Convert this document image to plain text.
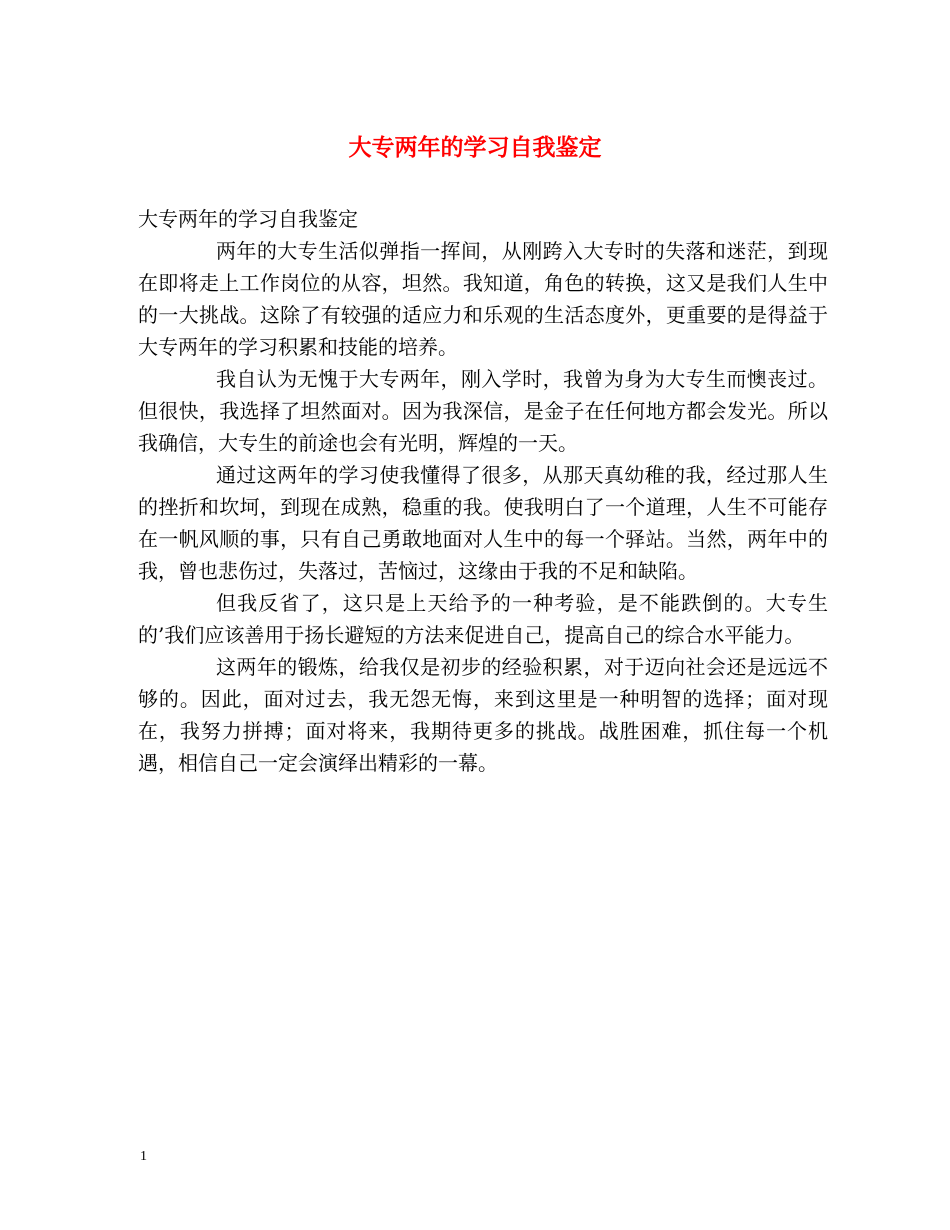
大专两年的学习自我鉴定

大专两年的学习自我鉴定

两年的大专生活似弹指一挥间，从刚跨入大专时的失落和迷茫，到现在即将走上工作岗位的从容，坦然。我知道，角色的转换，这又是我们人生中的一大挑战。这除了有较强的适应力和乐观的生活态度外，更重要的是得益于大专两年的学习积累和技能的培养。

我自认为无愧于大专两年，刚入学时，我曾为身为大专生而懊丧过。但很快，我选择了坦然面对。因为我深信，是金子在任何地方都会发光。所以我确信，大专生的前途也会有光明，辉煌的一天。

通过这两年的学习使我懂得了很多，从那天真幼稚的我，经过那人生的挫折和坎坷，到现在成熟，稳重的我。使我明白了一个道理，人生不可能存在一帆风顺的事，只有自己勇敢地面对人生中的每一个驿站。当然，两年中的我，曾也悲伤过，失落过，苦恼过，这缘由于我的不足和缺陷。

但我反省了，这只是上天给予的一种考验，是不能跌倒的。大专生的’我们应该善用于扬长避短的方法来促进自己，提高自己的综合水平能力。

这两年的锻炼，给我仅是初步的经验积累，对于迈向社会还是远远不够的。因此，面对过去，我无怨无悔，来到这里是一种明智的选择；面对现在，我努力拼搏；面对将来，我期待更多的挑战。战胜困难，抓住每一个机遇，相信自己一定会演绎出精彩的一幕。

1
